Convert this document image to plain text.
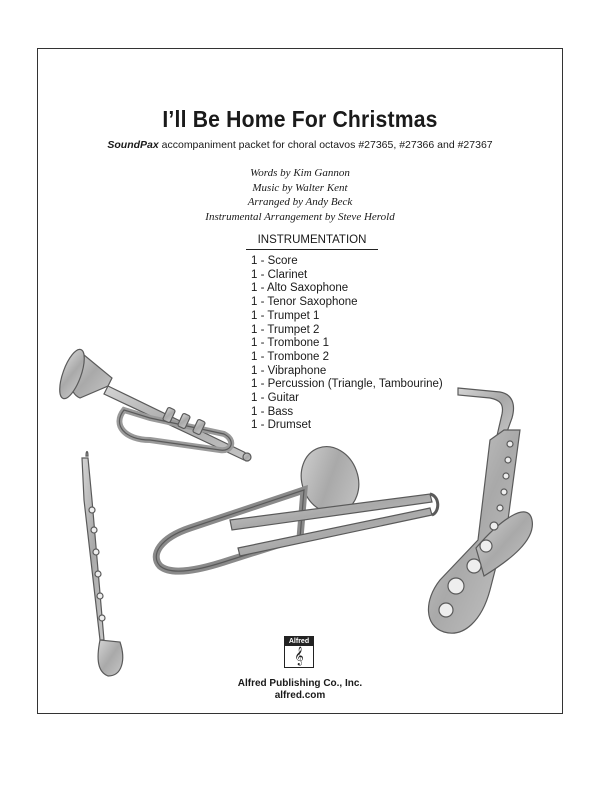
I’ll Be Home For Christmas
SoundPax accompaniment packet for choral octavos #27365, #27366 and #27367
Words by Kim Gannon
Music by Walter Kent
Arranged by Andy Beck
Instrumental Arrangement by Steve Herold
INSTRUMENTATION
1 - Score
1 - Clarinet
1 - Alto Saxophone
1 - Tenor Saxophone
1 - Trumpet 1
1 - Trumpet 2
1 - Trombone 1
1 - Trombone 2
1 - Vibraphone
1 - Percussion (Triangle, Tambourine)
1 - Guitar
1 - Bass
1 - Drumset
Alfred
𝄞
Alfred Publishing Co., Inc.
alfred.com
